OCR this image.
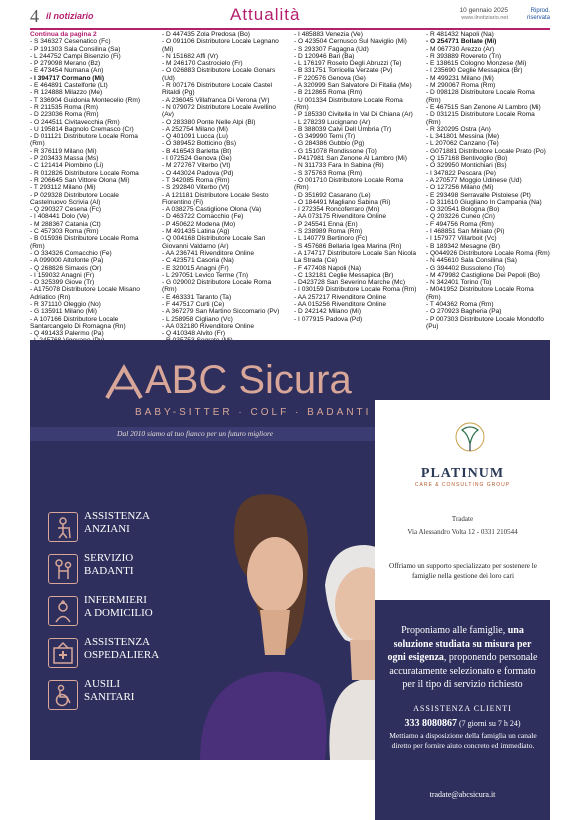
4 il notiziario	Attualità	10 gennaio 2025
www.ilnotiziario.net
Riprod.
riservata
Continua da pagina 2
- S 346327 Cesenatico (Fc)
- P 191303 Sala Consilina (Sa)
- L 244752 Campi Bisenzio (Fi)
- P 279098 Merano (Bz)
- E 473454 Numana (An)
- I 394717 Cormano (Mi)
- E 464891 Castelforte (Lt)
- R 124888 Milazzo (Me)
- T 336904 Guidonia Montecelio (Rm)
- R 211535 Roma (Rm)
- D 223036 Roma (Rm)
- O 244511 Civitavecchia (Rm)
- U 195814 Bagnolo Cremasco (Cr)
- D 011121 Distributore Locale Roma (Rm)
- R 376119 Milano (Mi)
- P 203433 Massa (Ms)
- C 121414 Piombino (Li)
- R 012826 Distributore Locale Roma
- R 206645 San Vittore Olona (Mi)
- T 293112 Milano (Mi)
- P 029328 Distributore Locale Castelnuovo Scrivia (Al)
- Q 290327 Cesena (Fc)
- I 408441 Dolo (Ve)
- M 288367 Catania (Ct)
- C 457303 Roma (Rm)
- B 015936 Distributore Locale Roma (Rm)
- O 334326 Comacchio (Fe)
- A 099000 Altofonte (Pa)
- Q 268826 Simaxis (Or)
- I 159032 Anagni (Fr)
- O 325399 Giove (Tr)
- A175078 Distributore Locale Misano Adriatico (Rn)
- R 371110 Oleggio (No)
- G 135911 Milano (Mi)
- A 107166 Distributore Locale Santarcangelo Di Romagna (Rn)
- Q 491433 Palermo (Pa)
- D 447435 Zola Predosa (Bo)
- O 091106 Distributore Locale Legnano (Mi)
- N 151682 Affi (Vr)
- M 246170 Castrocielo (Fr)
- O 026883 Distributore Locale Gonars (Ud)
- R 007176 Distributore Locale Castel Ritaldi (Pg)
- A 236045 Villafranca Di Verona (Vr)
- N 079072 Distributore Locale Avellino (Av)
- O 283380 Ponte Nelle Alpi (Bl)
- A 252754 Milano (Mi)
- Q 401091 Lucca (Lu)
- O 389452 Botticino (Bs)
- B 416543 Barletta (Bt)
- I 072524 Genova (Ge)
- M 272767 Viterbo (Vt)
- O 443024 Padova (Pd)
- T 342085 Roma (Rm)
- S 292840 Viterbo (Vt)
- A 121181 Distributore Locale Sesto Fiorentino (Fi)
- A 038275 Castiglione Olona (Va)
- D 463722 Comacchio (Fe)
- P 450622 Modena (Mo)
- M 491435 Latina (Ag)
- Q 004168 Distributore Locale San Giovanni Valdarno (Ar)
- AA 236741 Rivenditore Online
- C 423571 Casoria (Na)
- E 320015 Anagni (Fr)
- L 297051 Levico Terme (Tn)
- G 029002 Distributore Locale Roma (Rm)
- E 463331 Taranto (Ta)
- F 447517 Curti (Ce)
- A 367279 San Martino Siccomario (Pv)
- L 258958 Cigliano (Vc)
- AA 032180 Rivenditore Online
- Q 410348 Alvito (Fr)
- I 485883 Venezia (Ve)
- O 423504 Cernusco Sul Naviglio (Mi)
- S 293307 Fagagna (Ud)
- D 120946 Bari (Ba)
- L 176197 Roseto Degli Abruzzi (Te)
- B 331751 Torricella Verzate (Pv)
- F 220576 Genova (Ge)
- A 320999 San Salvatore Di Fitalia (Me)
- B 212865 Roma (Rm)
- U 001334 Distributore Locale Roma (Rm)
- P 185330 Civitella In Val Di Chiana (Ar)
- L 278239 Lucignano (Ar)
- B 388039 Calvi Dell Umbria (Tr)
- G 349990 Terni (Tr)
- G 284386 Gubbio (Pg)
- G 151078 Rondissone (To)
- P417981 San Zenone Al Lambro (Mi)
- N 311733 Fara In Sabina (Ri)
- S 375763 Roma (Rm)
- O 001710 Distributore Locale Roma (Rm)
- D 351692 Casarano (Le)
- O 184491 Magliano Sabina (Ri)
- I 272354 Roncoferraro (Mn)
- AA 073175 Rivenditore Online
- P 245541 Enna (En)
- S 238989 Roma (Rm)
- L 140779 Bertinoro (Fc)
- S 457686 Bellaria Igea Marina (Rn)
- A 174717 Distributore Locale San Nicola La Strada (Ce)
- F 477408 Napoli (Na)
- C 132181 Ceglie Messapica (Br)
- D423728 San Severino Marche (Mc)
- I 030159 Distributore Locale Roma (Rm)
- AA 257217 Rivenditore Online
- AA 015256 Rivenditore Online
- D 242142 Milano (Mi)
- I 077915 Padova (Pd)
- R 481432 Napoli (Na)
- O 254771 Bollate (Mi)
- M 067730 Arezzo (Ar)
- R 393889 Rovereto (Tn)
- E 138615 Cologno Monzese (Mi)
- I 235690 Ceglie Messapica (Br)
- M 499231 Milano (Mi)
- M 290067 Roma (Rm)
- D 098128 Distributore Locale Roma (Rm)
- E 467515 San Zenone Al Lambro (Mi)
- D 031215 Distributore Locale Roma (Rm)
- R 320295 Ostra (An)
- L 341801 Messina (Me)
- L 207062 Canzano (Te)
- G071881 Distributore Locale Prato (Po)
- Q 157168 Bentivoglio (Bo)
- O 329950 Montichiari (Bs)
- I 347822 Pescara (Pe)
- A 270577 Moggio Udinese (Ud)
- O 127256 Milano (Mi)
- E 293498 Serravalle Pistoiese (Pt)
- D 311610 Giugliano In Campania (Na)
- O 320541 Bologna (Bo)
- Q 203226 Cuneo (Cn)
- F 494756 Roma (Rm)
- I 468851 San Miniato (Pi)
- I 157977 Villarboit (Vc)
- B 189342 Mesagne (Br)
- Q044926 Distributore Locale Roma (Rm)
- N 445610 Sala Consilina (Sa)
- G 394402 Bussoleno (To)
- M 479982 Castiglione Dei Pepoli (Bo)
- N 342401 Torino (To)
- M041952 Distributore Locale Roma (Rm)
- T 404362 Roma (Rm)
- O 270923 Bagheria (Pa)
- P 007303 Distributore Locale Mondolfo (Pu)
ABC Sicura
BABY-SITTER · COLF · BADANTI
Dal 2010 siamo al tuo fianco per un futuro migliore
ASSISTENZA
ANZIANI
SERVIZIO
BADANTI
INFERMIERI
A DOMICILIO
ASSISTENZA
OSPEDALIERA
AUSILI
SANITARI
PLATINUM
CARE & CONSULTING GROUP
Tradate
Via Alessandro Volta 12 - 0331 210544
Offriamo un supporto specializzato per sostenere le famiglie nella gestione dei loro cari
Proponiamo alle famiglie, una soluzione studiata su misura per ogni esigenza, proponendo personale accuratamente selezionato e formato per il tipo di servizio richiesto
ASSISTENZA CLIENTI
333 8080867 (7 giorni su 7 h 24)
Mettiamo a disposizione della famiglia un canale diretto per fornire aiuto concreto ed immediato.
tradate@abcsicura.it
